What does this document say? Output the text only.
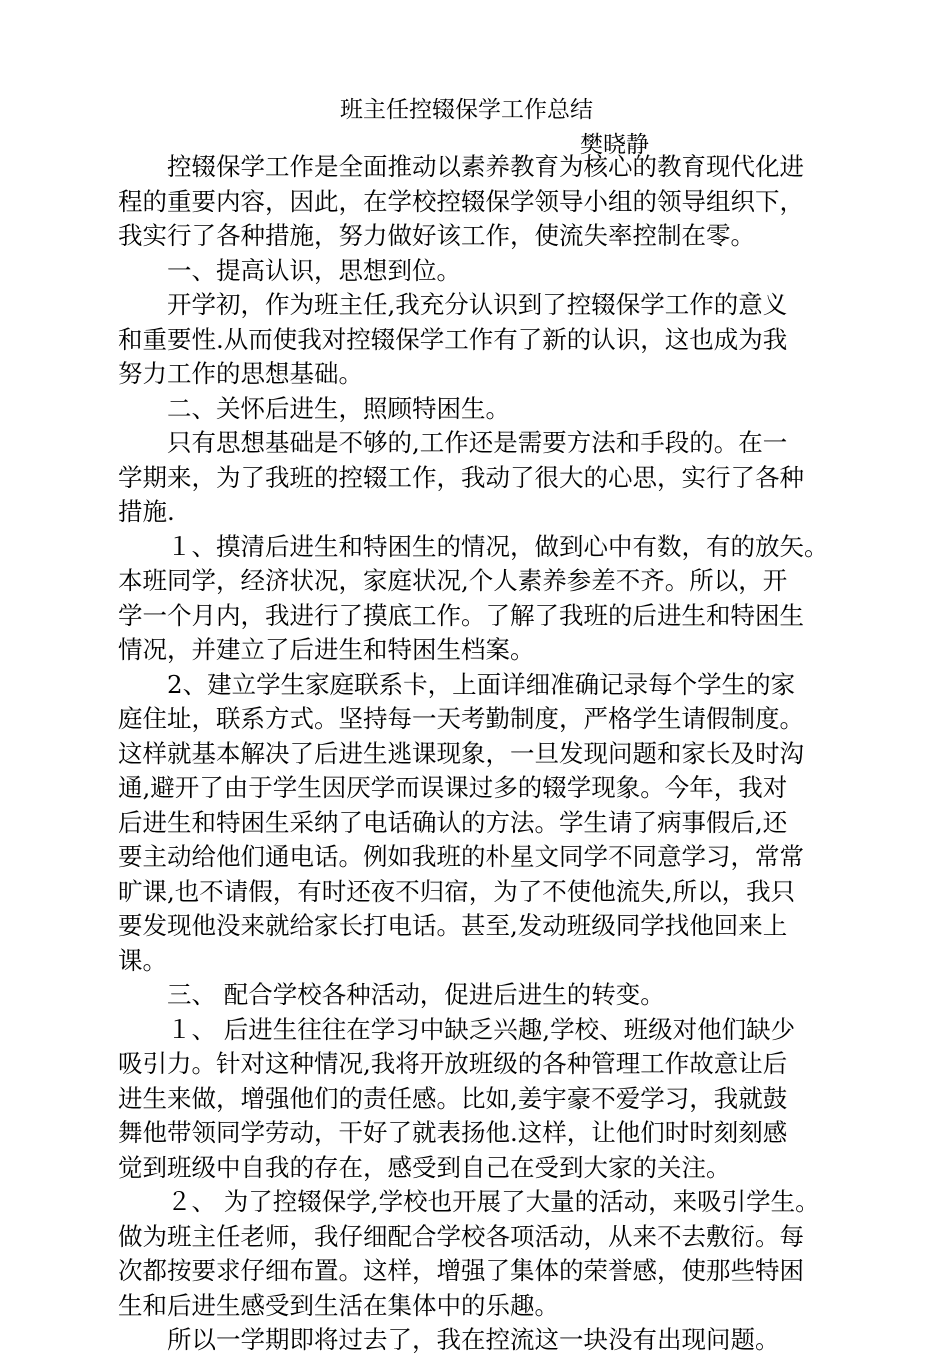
班主任控辍保学工作总结
樊晓静
　　控辍保学工作是全面推动以素养教育为核心的教育现代化进
程的重要内容，因此，在学校控辍保学领导小组的领导组织下，
我实行了各种措施，努力做好该工作，使流失率控制在零。
　　一、提高认识，思想到位。
　　开学初，作为班主任,我充分认识到了控辍保学工作的意义
和重要性.从而使我对控辍保学工作有了新的认识，这也成为我
努力工作的思想基础。
　　二、关怀后进生，照顾特困生。
　　只有思想基础是不够的,工作还是需要方法和手段的。在一
学期来，为了我班的控辍工作，我动了很大的心思，实行了各种
措施.
　　１、摸清后进生和特困生的情况，做到心中有数，有的放矢。
本班同学，经济状况，家庭状况,个人素养参差不齐。所以，开
学一个月内，我进行了摸底工作。了解了我班的后进生和特困生
情况，并建立了后进生和特困生档案。
　　2、建立学生家庭联系卡，上面详细准确记录每个学生的家
庭住址，联系方式。坚持每一天考勤制度，严格学生请假制度。
这样就基本解决了后进生逃课现象，一旦发现问题和家长及时沟
通,避开了由于学生因厌学而误课过多的辍学现象。今年，我对
后进生和特困生采纳了电话确认的方法。学生请了病事假后,还
要主动给他们通电话。例如我班的朴星文同学不同意学习，常常
旷课,也不请假，有时还夜不归宿，为了不使他流失,所以，我只
要发现他没来就给家长打电话。甚至,发动班级同学找他回来上
课。
　　三、 配合学校各种活动，促进后进生的转变。
　　１、 后进生往往在学习中缺乏兴趣,学校、班级对他们缺少
吸引力。针对这种情况,我将开放班级的各种管理工作故意让后
进生来做，增强他们的责任感。比如,姜宇豪不爱学习，我就鼓
舞他带领同学劳动，干好了就表扬他.这样，让他们时时刻刻感
觉到班级中自我的存在，感受到自己在受到大家的关注。
　　２、 为了控辍保学,学校也开展了大量的活动，来吸引学生。
做为班主任老师，我仔细配合学校各项活动，从来不去敷衍。每
次都按要求仔细布置。这样，增强了集体的荣誉感，使那些特困
生和后进生感受到生活在集体中的乐趣。
　　所以一学期即将过去了，我在控流这一块没有出现问题。
